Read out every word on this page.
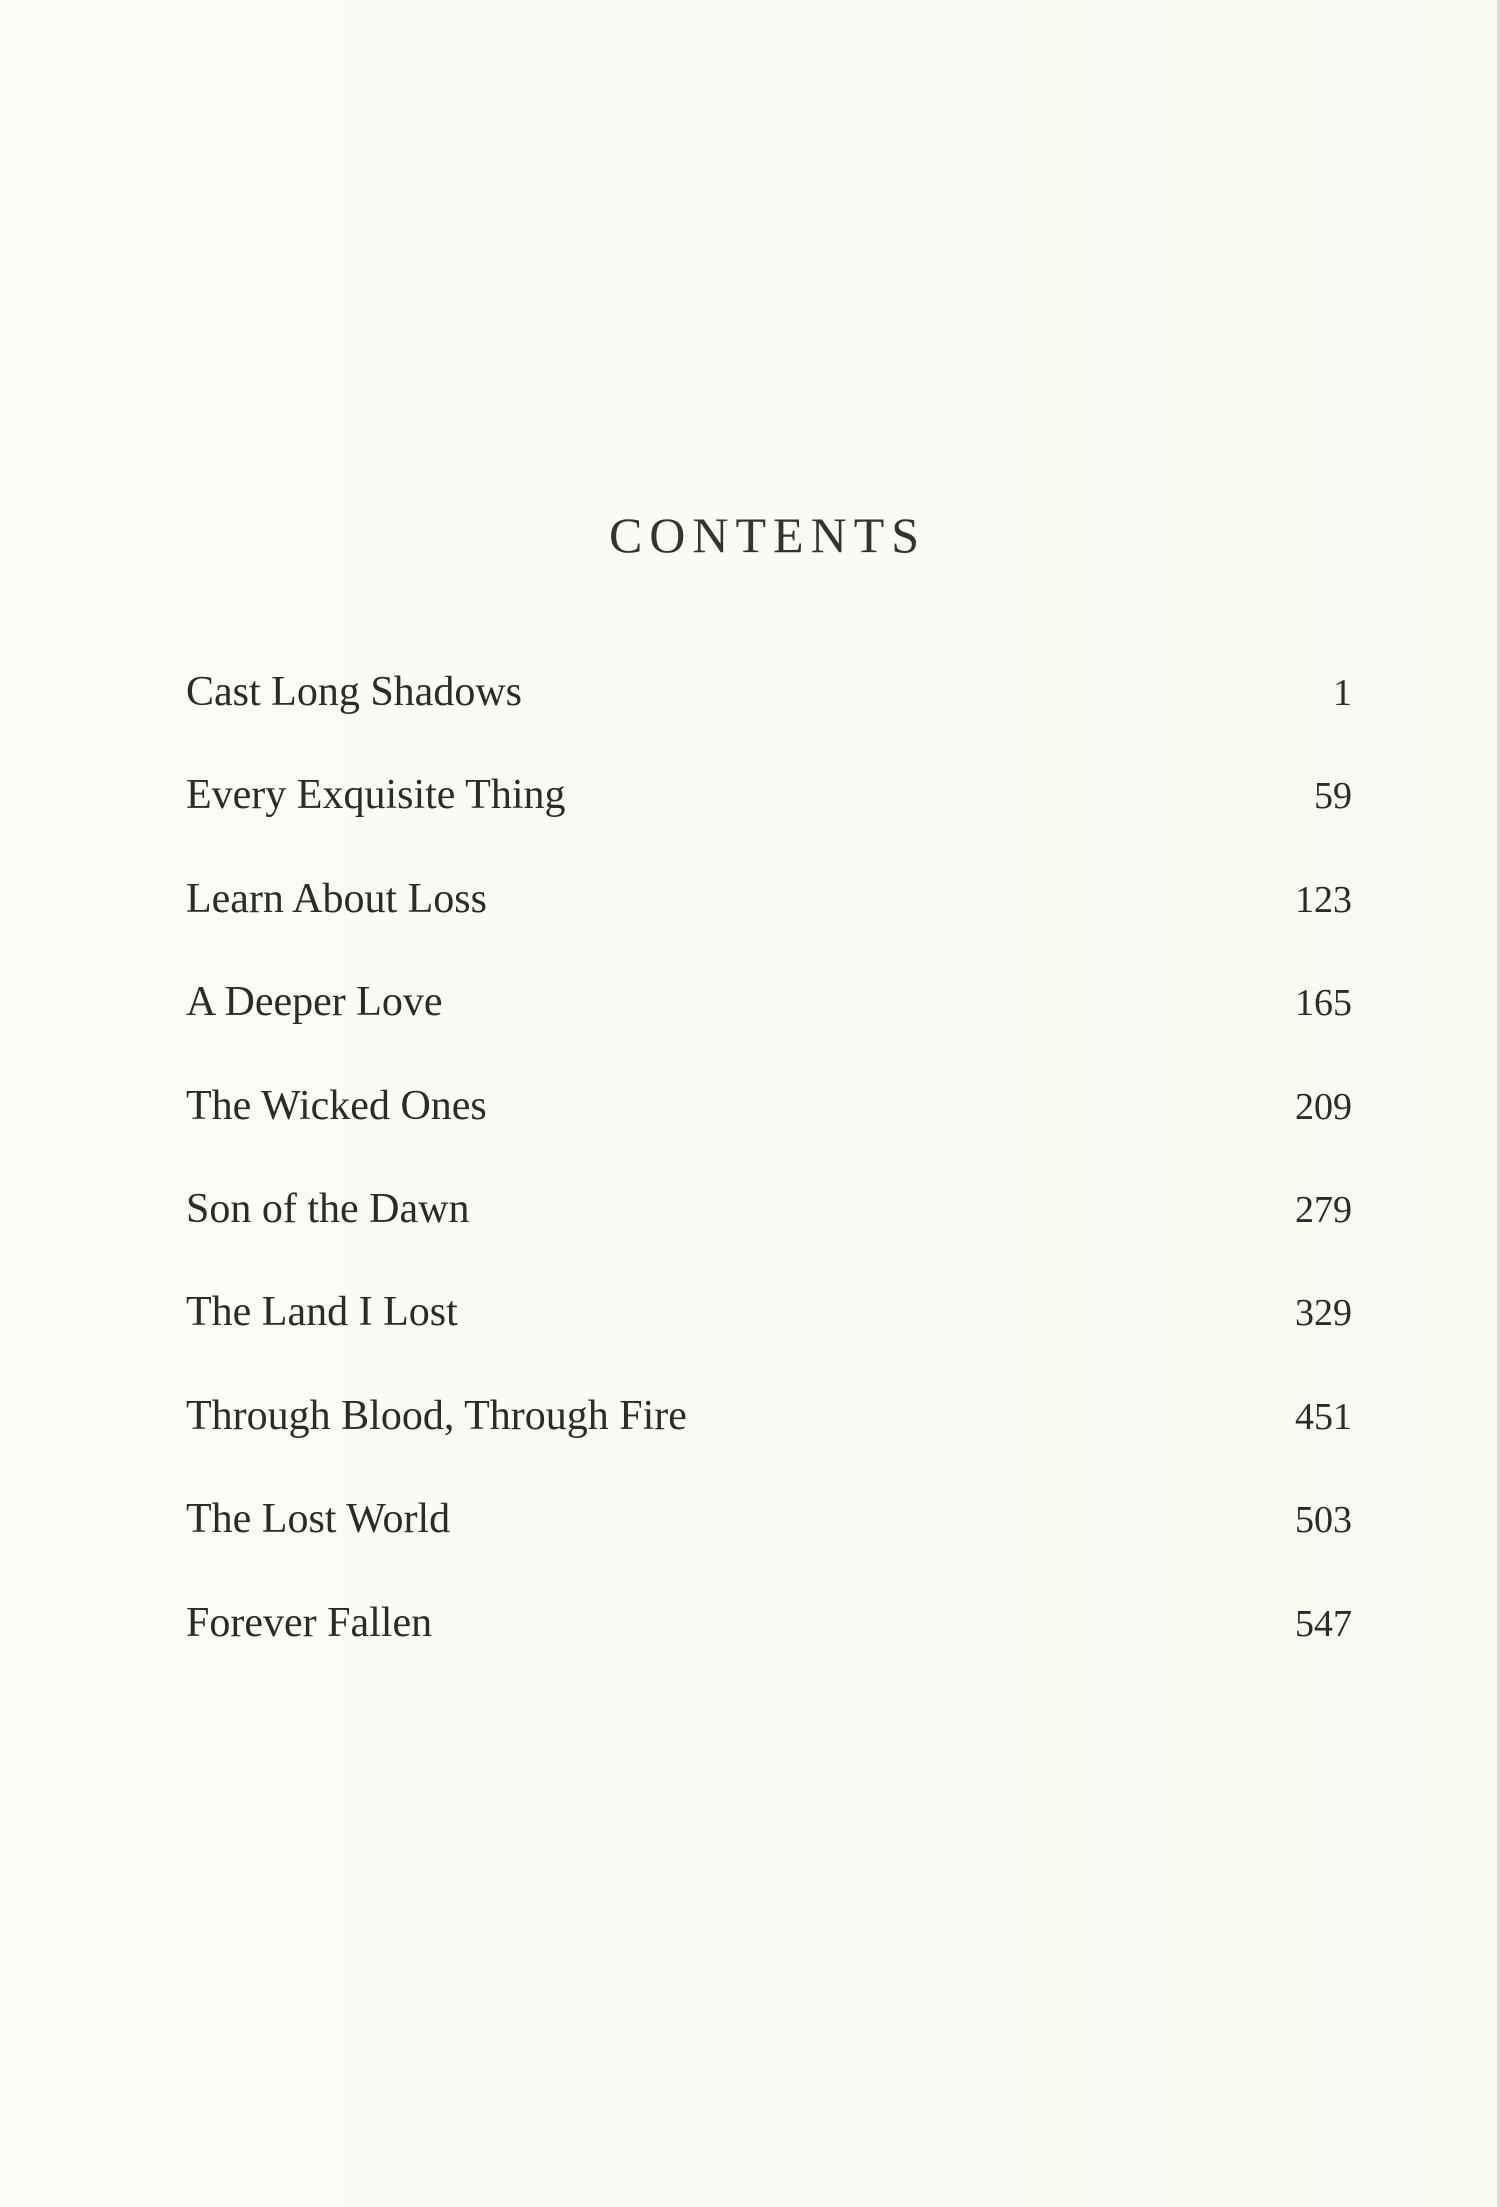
CONTENTS
Cast Long Shadows	1
Every Exquisite Thing	59
Learn About Loss	123
A Deeper Love	165
The Wicked Ones	209
Son of the Dawn	279
The Land I Lost	329
Through Blood, Through Fire	451
The Lost World	503
Forever Fallen	547
